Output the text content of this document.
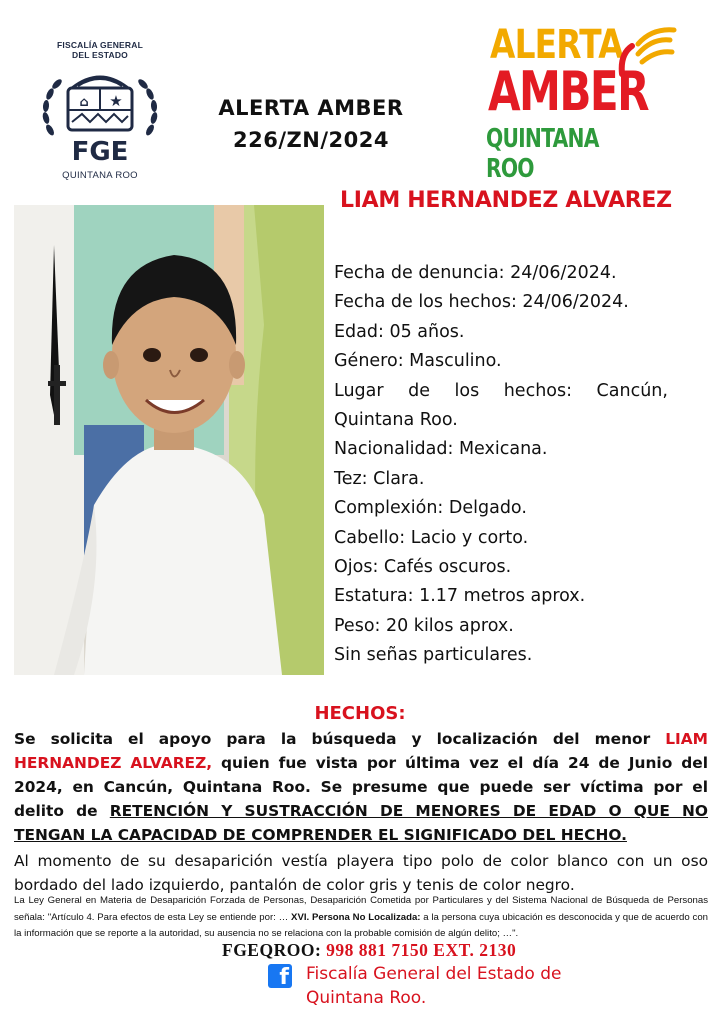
FISCALÍA GENERAL
DEL ESTADO
⌂ ★
FGE
QUINTANA ROO
ALERTA AMBER
226/ZN/2024
ALERTA
AMBER
QUINTANA ROO
LIAM HERNANDEZ ALVAREZ
Fecha de denuncia: 24/06/2024.
Fecha de los hechos: 24/06/2024.
Edad: 05 años.
Género: Masculino.
Lugar de los hechos: Cancún,
Quintana Roo.
Nacionalidad: Mexicana.
Tez: Clara.
Complexión: Delgado.
Cabello: Lacio y corto.
Ojos: Cafés oscuros.
Estatura: 1.17 metros aprox.
Peso: 20 kilos aprox.
Sin señas particulares.
HECHOS:
Se solicita el apoyo para la búsqueda y localización del menor LIAM HERNANDEZ ALVAREZ, quien fue vista por última vez el día 24 de Junio del 2024, en Cancún, Quintana Roo. Se presume que puede ser víctima por el delito de RETENCIÓN Y SUSTRACCIÓN DE MENORES DE EDAD O QUE NO TENGAN LA CAPACIDAD DE COMPRENDER EL SIGNIFICADO DEL HECHO.
Al momento de su desaparición vestía playera tipo polo de color blanco con un oso bordado del lado izquierdo, pantalón de color gris y tenis de color negro.
La Ley General en Materia de Desaparición Forzada de Personas, Desaparición Cometida por Particulares y del Sistema Nacional de Búsqueda de Personas señala: "Artículo 4. Para efectos de esta Ley se entiende por: … XVI. Persona No Localizada: a la persona cuya ubicación es desconocida y que de acuerdo con la información que se reporte a la autoridad, su ausencia no se relaciona con la probable comisión de algún delito; …".
FGEQROO: 998 881 7150 EXT. 2130
f Fiscalía General del Estado de
Quintana Roo.
